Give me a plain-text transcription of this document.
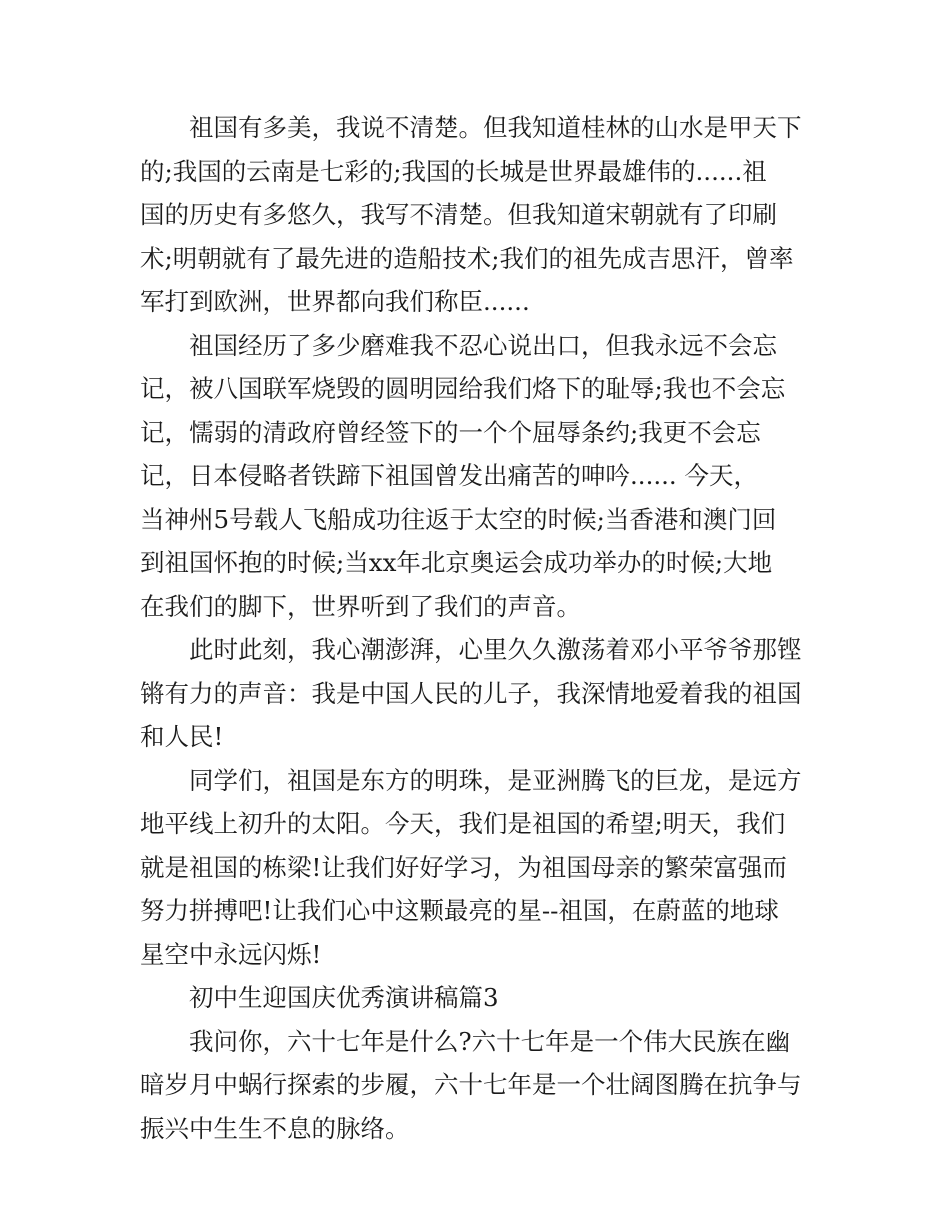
祖国有多美，我说不清楚。但我知道桂林的山水是甲天下
的;我国的云南是七彩的;我国的长城是世界最雄伟的......祖
国的历史有多悠久，我写不清楚。但我知道宋朝就有了印刷
术;明朝就有了最先进的造船技术;我们的祖先成吉思汗，曾率
军打到欧洲，世界都向我们称臣......
祖国经历了多少磨难我不忍心说出口，但我永远不会忘
记，被八国联军烧毁的圆明园给我们烙下的耻辱;我也不会忘
记，懦弱的清政府曾经签下的一个个屈辱条约;我更不会忘
记，日本侵略者铁蹄下祖国曾发出痛苦的呻吟...... 今天，
当神州5号载人飞船成功往返于太空的时候;当香港和澳门回
到祖国怀抱的时候;当xx年北京奥运会成功举办的时候;大地
在我们的脚下，世界听到了我们的声音。
此时此刻，我心潮澎湃，心里久久激荡着邓小平爷爷那铿
锵有力的声音：我是中国人民的儿子，我深情地爱着我的祖国
和人民!
同学们，祖国是东方的明珠，是亚洲腾飞的巨龙，是远方
地平线上初升的太阳。今天，我们是祖国的希望;明天，我们
就是祖国的栋梁!让我们好好学习，为祖国母亲的繁荣富强而
努力拼搏吧!让我们心中这颗最亮的星--祖国，在蔚蓝的地球
星空中永远闪烁!
初中生迎国庆优秀演讲稿篇3
我问你，六十七年是什么?六十七年是一个伟大民族在幽
暗岁月中蜗行探索的步履，六十七年是一个壮阔图腾在抗争与
振兴中生生不息的脉络。
